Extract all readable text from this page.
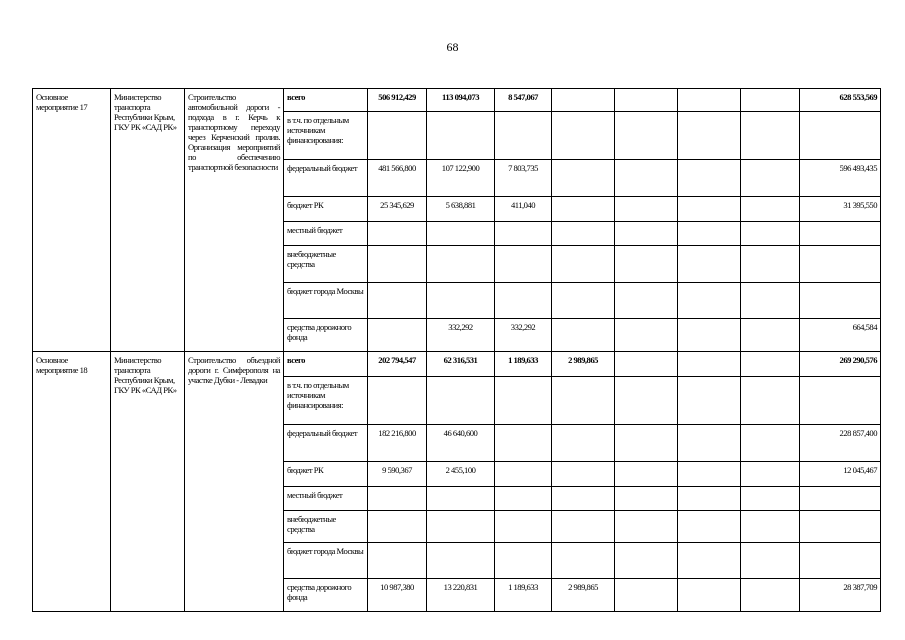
68
Основное мероприятие 17	Министерство транспорта Республики Крым, ГКУ РК «САД РК»	Строительство автомобильной дороги - подхода в г. Керчь к транспортному переходу через Керченский пролив. Организация мероприятий по обеспечению транспортной безопасности	всего	506 912,429	113 094,073	8 547,067					628 553,569
			в т.ч. по отдельным источникам финансирования:								
			федеральный бюджет	481 566,800	107 122,900	7 803,735					596 493,435
			бюджет РК	25 345,629	5 638,881	411,040					31 395,550
			местный бюджет								
			внебюджетные средства								
			бюджет города Москвы								
			средства дорожного фонда		332,292	332,292					664,584
Основное мероприятие 18	Министерство транспорта Республики Крым, ГКУ РК «САД РК»	Строительство объездной дороги г. Симферополя на участке Дубки - Левадки	всего	202 794,547	62 316,531	1 189,633	2 989,865				269 290,576
			в т.ч. по отдельным источникам финансирования:								
			федеральный бюджет	182 216,800	46 640,600						228 857,400
			бюджет РК	9 590,367	2 455,100						12 045,467
			местный бюджет								
			внебюджетные средства								
			бюджет города Москвы								
			средства дорожного фонда	10 987,380	13 220,831	1 189,633	2 989,865				28 387,709
